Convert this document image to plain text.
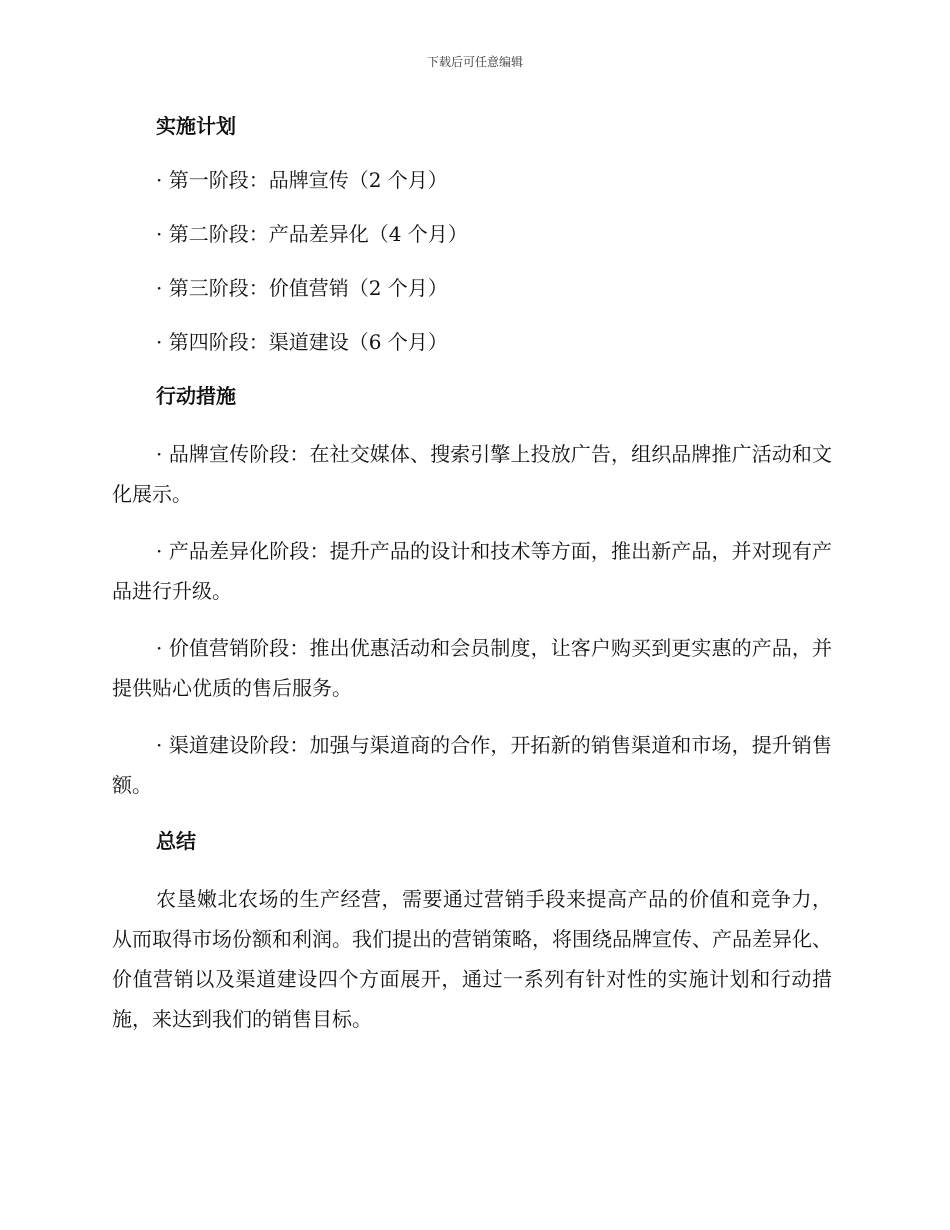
下载后可任意编辑
实施计划
· 第一阶段：品牌宣传（2 个月）
· 第二阶段：产品差异化（4 个月）
· 第三阶段：价值营销（2 个月）
· 第四阶段：渠道建设（6 个月）
行动措施

· 品牌宣传阶段：在社交媒体、搜索引擎上投放广告，组织品牌推广活动和文化展示。

· 产品差异化阶段：提升产品的设计和技术等方面，推出新产品，并对现有产品进行升级。

· 价值营销阶段：推出优惠活动和会员制度，让客户购买到更实惠的产品，并提供贴心优质的售后服务。

· 渠道建设阶段：加强与渠道商的合作，开拓新的销售渠道和市场，提升销售额。

总结

农垦嫩北农场的生产经营，需要通过营销手段来提高产品的价值和竞争力，从而取得市场份额和利润。我们提出的营销策略，将围绕品牌宣传、产品差异化、价值营销以及渠道建设四个方面展开，通过一系列有针对性的实施计划和行动措施，来达到我们的销售目标。
